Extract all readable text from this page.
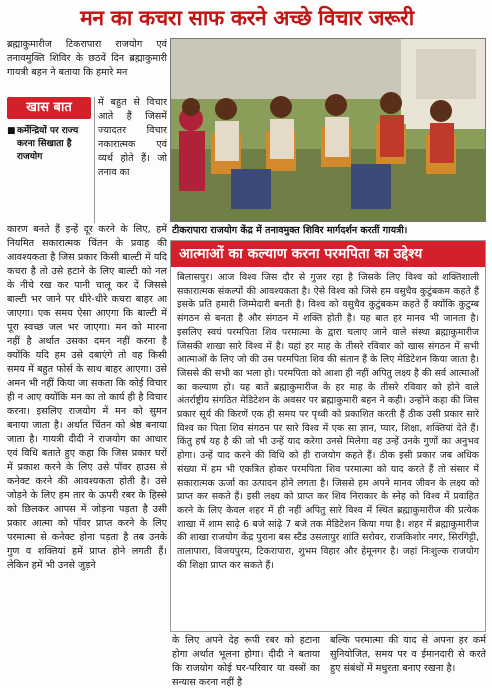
मन का कचरा साफ करने अच्छे विचार जरूरी
ब्रह्माकुमारीज टिकरापारा राजयोग एवं तनावमुक्ति शिविर के छठवें दिन ब्रह्माकुमारी गायत्री बहन ने बताया कि हमारे मन
खास बात
■ कर्मेन्द्रियों पर राज्य करना सिखाता है राजयोग
में बहुत से विचार आते हैं जिसमें ज्यादतर विचार नकारात्मक एवं व्यर्थ होते हैं। जो तनाव का
कारण बनते हैं इन्हें दूर करने के लिए, हमें नियमित सकारात्मक चिंतन के प्रवाह की आवश्यकता है जिस प्रकार किसी बाल्टी में यदि कचरा है तो उसे हटाने के लिए बाल्टी को नल के नीचे रख कर पानी चालू कर दें जिससे बाल्टी भर जाने पर धीरे-धीरे कचरा बाहर आ जाएगा। एक समय ऐसा आएगा कि बाल्टी में पूरा स्वच्छ जल भर जाएगा। मन को मारना नहीं है अर्थात उसका दमन नहीं करना है क्योंकि यदि हम उसे दबाएंगे तो वह किसी समय में बहुत फोर्स के साथ बाहर आएगा। उसे अमन भी नहीं किया जा सकता कि कोई विचार ही न आए क्योंकि मन का तो कार्य ही है विचार करना। इसलिए राजयोग में मन को सुमन बनाया जाता है। अर्थात चिंतन को श्रेष्ठ बनाया जाता है। गायत्री दीदी ने राजयोग का आधार एवं विधि बताते हुए कहा कि जिस प्रकार घरों में प्रकाश करने के लिए उसे पॉवर हाउस से कनेक्ट करने की आवश्यकता होती है। उसे जोड़ने के लिए हम तार के ऊपरी रबर के हिस्से को छिलकर आपस में जोड़ना पड़ता है उसी प्रकार आत्मा को पॉवर प्राप्त करने के लिए परमात्मा से कनेक्ट होना पड़ता है तब उनके गुण व शक्तियां हमें प्राप्त होने लगती हैं। लेकिन हमें भी उनसे जुड़ने
टीकरापारा राजयोग केंद्र में तनावमुक्त शिविर मार्गदर्शन करतीं गायत्री।
आत्माओं का कल्याण करना परमपिता का उद्देश्य
बिलासपुर। आज विश्व जिस दौर से गुजर रहा है जिसके लिए विश्व को शक्तिशाली सकारात्मक संकल्पों की आवश्यकता है। ऐसे विश्व को जिसे हम वसुधैव कुटुंबकम कहते हैं इसके प्रति हमारी जिम्मेदारी बनती है। विश्व को वसुधैव कुटुंबकम कहते हैं क्योंकि कुटुम्ब संगठन से बनता है और संगठन में शक्ति होती है। यह बात हर मानव भी जानता है। इसलिए स्वयं परमपिता शिव परमात्मा के द्वारा चलाए जाने वाले संस्था ब्रह्माकुमारीज जिसकी शाखा सारे विश्व में है। यहां हर माह के तीसरे रविवार को खास संगठन में सभी आत्माओं के लिए जो की उस परमपिता शिव की संतान हैं के लिए मेडिटेशन किया जाता है। जिससे की सभी का भला हो। परमपिता को आशा ही नहीं अपितु लक्ष्य है की सर्व आत्माओं का कल्याण हो। यह बातें ब्रह्माकुमारीज के हर माह के तीसरे रविवार को होने वाले अंतर्राष्ट्रीय संगठित मेडिटेशन के अवसर पर ब्रह्माकुमारी बहन ने कही। उन्होंने कहा की जिस प्रकार सूर्य की किरणें एक ही समय पर पृथ्वी को प्रकाशित करती हैं ठीक उसी प्रकार सारे विश्व का पिता शिव संगठन पर सारे विश्व में एक सा ज्ञान, प्यार, शिक्षा, शक्तियां देते हैं। किंतु हर्ष यह है की जो भी उन्हें याद करेगा उनसे मिलेगा वह उन्हें उनके गुणों का अनुभव होगा। उन्हें याद करने की विधि को ही राजयोग कहते हैं। ठीक इसी प्रकार जब अधिक संख्या में हम भी एकत्रित होकर परमपिता शिव परमात्मा को याद करते हैं तो संसार में सकारात्मक ऊर्जा का उत्पादन होने लगता है। जिससे हम अपने मानव जीवन के लक्ष्य को प्राप्त कर सकते हैं। इसी लक्ष्य को प्राप्त कर शिव निराकार के स्नेह को विश्व में प्रवाहित करने के लिए केवल शहर में ही नहीं अपितु सारे विश्व में स्थित ब्रह्माकुमारीज की प्रत्येक शाखा में शाम साढ़े 6 बजे सांढ़े 7 बजे तक मेडिटेशन किया गया है। शहर में ब्रह्माकुमारीज की शाखा राजयोग केंद्र पुराना बस स्टैंड उसलापुर शांति सरोवर, राजकिशोर नगर, सिरगिट्टी, तालापारा, विजयपुरम, टिकरापारा, शुभम विहार और हेमूनगर है। जहां निःशुल्क राजयोग की शिक्षा प्राप्त कर सकते हैं।
के लिए अपने देह रूपी रबर को हटाना होगा अर्थात भूलना होगा। दीदी ने बताया कि राजयोग कोई घर-परिवार या वस्त्रों का सन्यास करना नहीं है
बल्कि परमात्मा की याद से अपना हर कर्म सुनियोजित, समय पर व ईमानदारी से करते हुए संबंधों में मधुरता बनाए रखना है।
